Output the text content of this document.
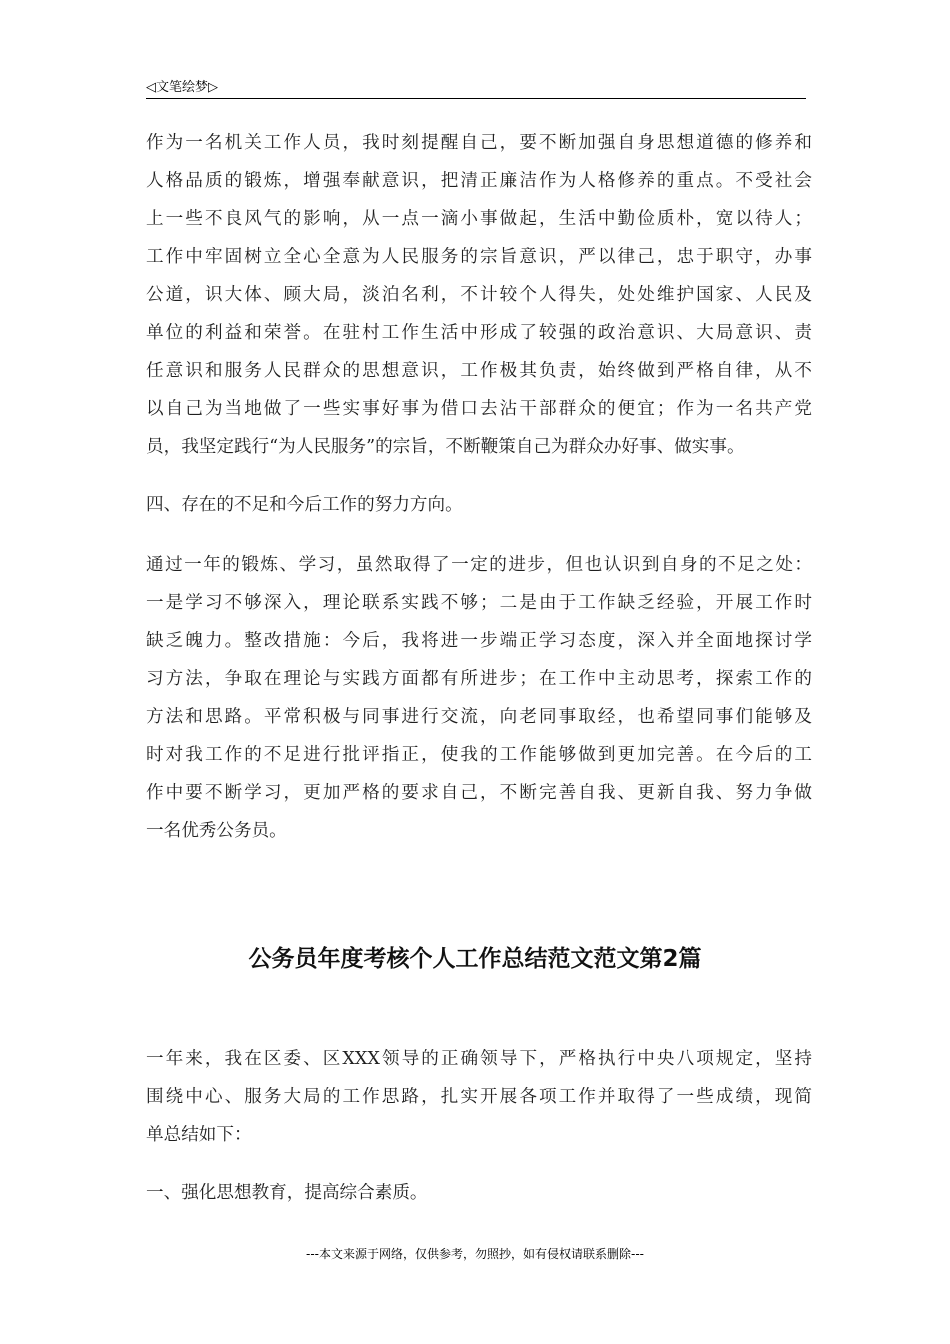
◁文笔绘梦▷

作为一名机关工作人员，我时刻提醒自己，要不断加强自身思想道德的修养和
人格品质的锻炼，增强奉献意识，把清正廉洁作为人格修养的重点。不受社会
上一些不良风气的影响，从一点一滴小事做起，生活中勤俭质朴，宽以待人；
工作中牢固树立全心全意为人民服务的宗旨意识，严以律己，忠于职守，办事
公道，识大体、顾大局，淡泊名利，不计较个人得失，处处维护国家、人民及
单位的利益和荣誉。在驻村工作生活中形成了较强的政治意识、大局意识、责
任意识和服务人民群众的思想意识，工作极其负责，始终做到严格自律，从不
以自己为当地做了一些实事好事为借口去沾干部群众的便宜；作为一名共产党
员，我坚定践行“为人民服务”的宗旨，不断鞭策自己为群众办好事、做实事。

四、存在的不足和今后工作的努力方向。

通过一年的锻炼、学习，虽然取得了一定的进步，但也认识到自身的不足之处：
一是学习不够深入，理论联系实践不够；二是由于工作缺乏经验，开展工作时
缺乏魄力。整改措施：今后，我将进一步端正学习态度，深入并全面地探讨学
习方法，争取在理论与实践方面都有所进步；在工作中主动思考，探索工作的
方法和思路。平常积极与同事进行交流，向老同事取经，也希望同事们能够及
时对我工作的不足进行批评指正，使我的工作能够做到更加完善。在今后的工
作中要不断学习，更加严格的要求自己，不断完善自我、更新自我、努力争做
一名优秀公务员。

公务员年度考核个人工作总结范文范文第2篇

一年来，我在区委、区XXX领导的正确领导下，严格执行中央八项规定，坚持
围绕中心、服务大局的工作思路，扎实开展各项工作并取得了一些成绩，现简
单总结如下：

一、强化思想教育，提高综合素质。

---本文来源于网络，仅供参考，勿照抄，如有侵权请联系删除---
